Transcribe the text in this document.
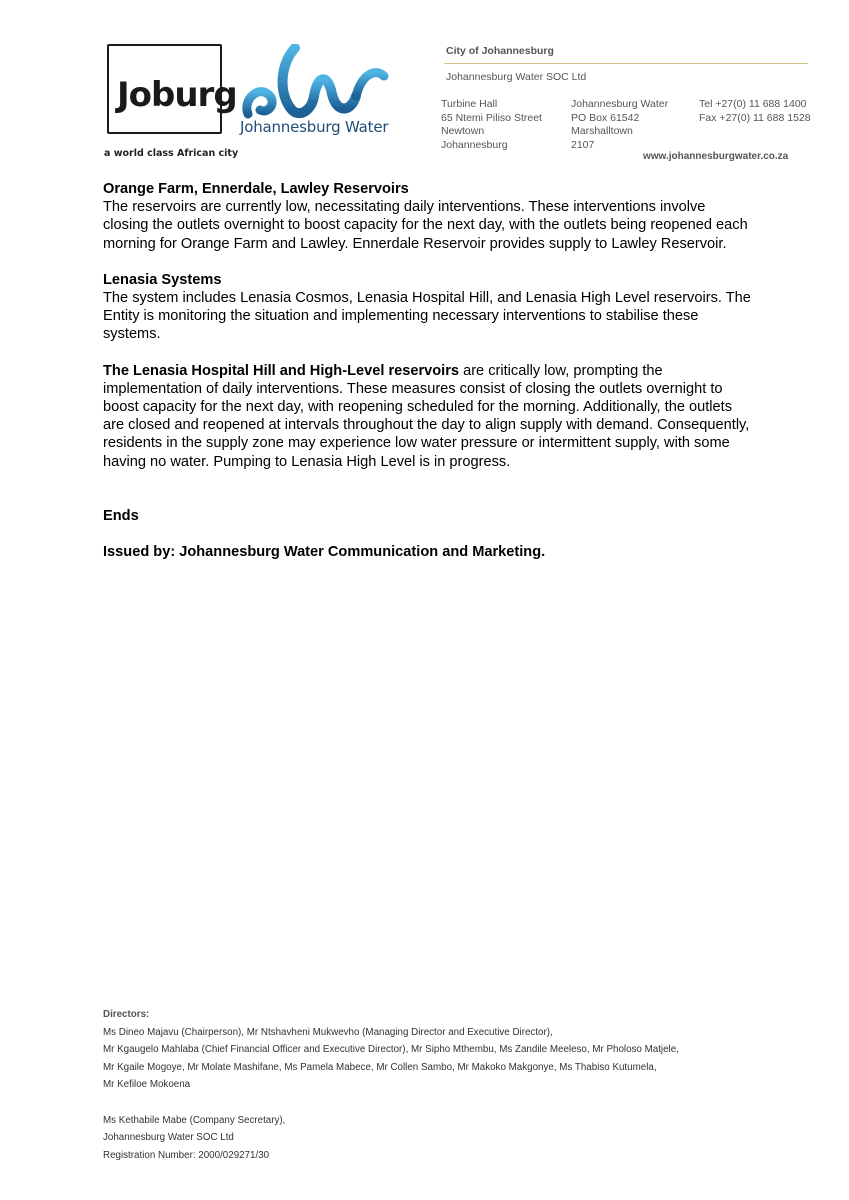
Joburg
a world class African city
Johannesburg Water
City of Johannesburg
Johannesburg Water SOC Ltd
Turbine Hall
65 Ntemi Piliso Street
Newtown
Johannesburg
Johannesburg Water
PO Box 61542
Marshalltown
2107
Tel +27(0) 11 688 1400
Fax +27(0) 11 688 1528
www.johannesburgwater.co.za

Orange Farm, Ennerdale, Lawley Reservoirs

The reservoirs are currently low, necessitating daily interventions. These interventions involve closing the outlets overnight to boost capacity for the next day, with the outlets being reopened each morning for Orange Farm and Lawley. Ennerdale Reservoir provides supply to Lawley Reservoir.

Lenasia Systems

The system includes Lenasia Cosmos, Lenasia Hospital Hill, and Lenasia High Level reservoirs. The Entity is monitoring the situation and implementing necessary interventions to stabilise these systems.

The Lenasia Hospital Hill and High-Level reservoirs are critically low, prompting the implementation of daily interventions. These measures consist of closing the outlets overnight to boost capacity for the next day, with reopening scheduled for the morning. Additionally, the outlets are closed and reopened at intervals throughout the day to align supply with demand. Consequently, residents in the supply zone may experience low water pressure or intermittent supply, with some having no water. Pumping to Lenasia High Level is in progress.

Ends

Issued by: Johannesburg Water Communication and Marketing.

Directors:
Ms Dineo Majavu (Chairperson), Mr Ntshavheni Mukwevho (Managing Director and Executive Director),
Mr Kgaugelo Mahlaba (Chief Financial Officer and Executive Director), Mr Sipho Mthembu, Ms Zandile Meeleso, Mr Pholoso Matjele,
Mr Kgaile Mogoye, Mr Molate Mashifane, Ms Pamela Mabece, Mr Collen Sambo, Mr Makoko Makgonye, Ms Thabiso Kutumela,
Mr Kefiloe Mokoena
Ms Kethabile Mabe (Company Secretary),
Johannesburg Water SOC Ltd
Registration Number: 2000/029271/30
